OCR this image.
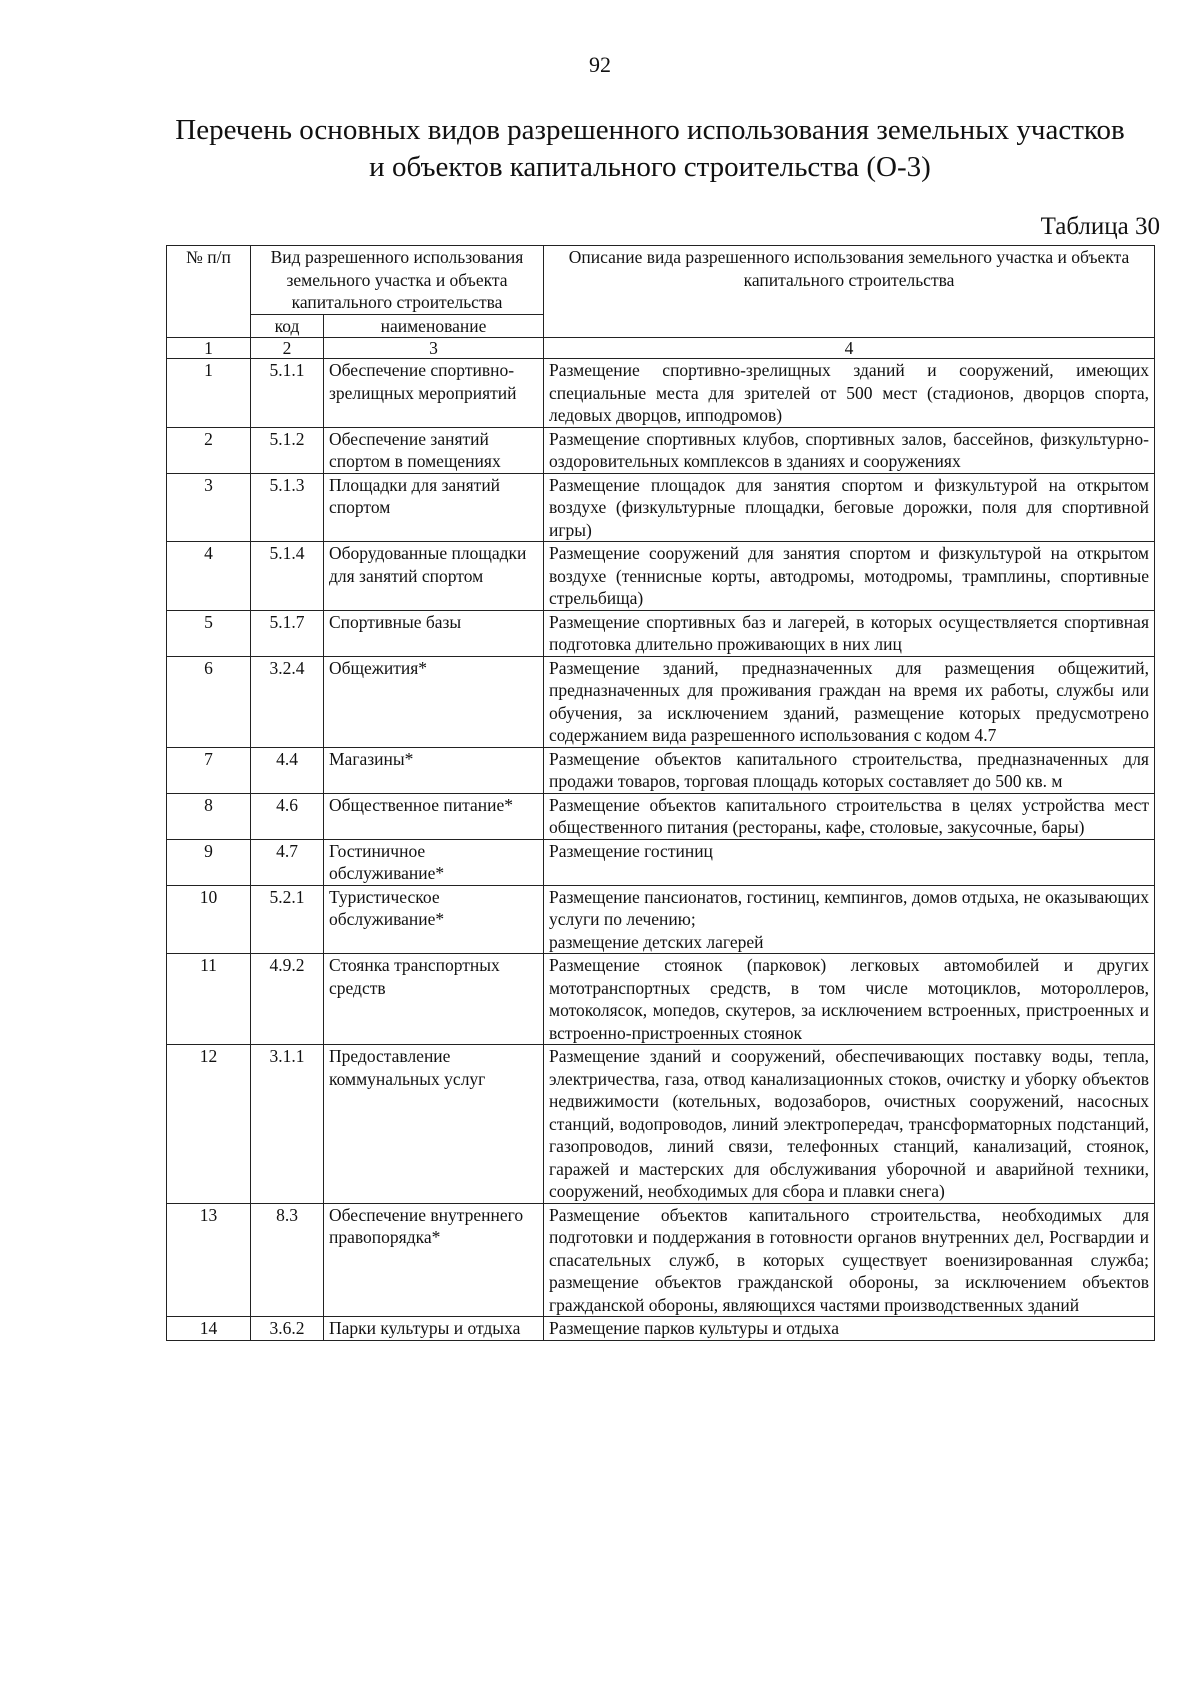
92
Перечень основных видов разрешенного использования земельных участков
и объектов капитального строительства (О-3)
Таблица 30
№ п/п	Вид разрешенного использования земельного участка и объекта капитального строительства		Описание вида разрешенного использования земельного участка и объекта капитального строительства
	код	наименование	
1	2	3	4
1	5.1.1	Обеспечение спортивно-зрелищных мероприятий	Размещение спортивно-зрелищных зданий и сооружений, имеющих специальные места для зрителей от 500 мест (стадионов, дворцов спорта, ледовых дворцов, ипподромов)
2	5.1.2	Обеспечение занятий спортом в помещениях	Размещение спортивных клубов, спортивных залов, бассейнов, физкультурно-оздоровительных комплексов в зданиях и сооружениях
3	5.1.3	Площадки для занятий спортом	Размещение площадок для занятия спортом и физкультурой на открытом воздухе (физкультурные площадки, беговые дорожки, поля для спортивной игры)
4	5.1.4	Оборудованные площадки для занятий спортом	Размещение сооружений для занятия спортом и физкультурой на открытом воздухе (теннисные корты, автодромы, мотодромы, трамплины, спортивные стрельбища)
5	5.1.7	Спортивные базы	Размещение спортивных баз и лагерей, в которых осуществляется спортивная подготовка длительно проживающих в них лиц
6	3.2.4	Общежития*	Размещение зданий, предназначенных для размещения общежитий, предназначенных для проживания граждан на время их работы, службы или обучения, за исключением зданий, размещение которых предусмотрено содержанием вида разрешенного использования с кодом 4.7
7	4.4	Магазины*	Размещение объектов капитального строительства, предназначенных для продажи товаров, торговая площадь которых составляет до 500 кв. м
8	4.6	Общественное питание*	Размещение объектов капитального строительства в целях устройства мест общественного питания (рестораны, кафе, столовые, закусочные, бары)
9	4.7	Гостиничное обслуживание*	Размещение гостиниц
10	5.2.1	Туристическое обслуживание*	Размещение пансионатов, гостиниц, кемпингов, домов отдыха, не оказывающих услуги по лечению;
размещение детских лагерей
11	4.9.2	Стоянка транспортных средств	Размещение стоянок (парковок) легковых автомобилей и других мототранспортных средств, в том числе мотоциклов, мотороллеров, мотоколясок, мопедов, скутеров, за исключением встроенных, пристроенных и встроенно-пристроенных стоянок
12	3.1.1	Предоставление коммунальных услуг	Размещение зданий и сооружений, обеспечивающих поставку воды, тепла, электричества, газа, отвод канализационных стоков, очистку и уборку объектов недвижимости (котельных, водозаборов, очистных сооружений, насосных станций, водопроводов, линий электропередач, трансформаторных подстанций, газопроводов, линий связи, телефонных станций, канализаций, стоянок, гаражей и мастерских для обслуживания уборочной и аварийной техники, сооружений, необходимых для сбора и плавки снега)
13	8.3	Обеспечение внутреннего правопорядка*	Размещение объектов капитального строительства, необходимых для подготовки и поддержания в готовности органов внутренних дел, Росгвардии и спасательных служб, в которых существует военизированная служба; размещение объектов гражданской обороны, за исключением объектов гражданской обороны, являющихся частями производственных зданий
14	3.6.2	Парки культуры и отдыха	Размещение парков культуры и отдыха
